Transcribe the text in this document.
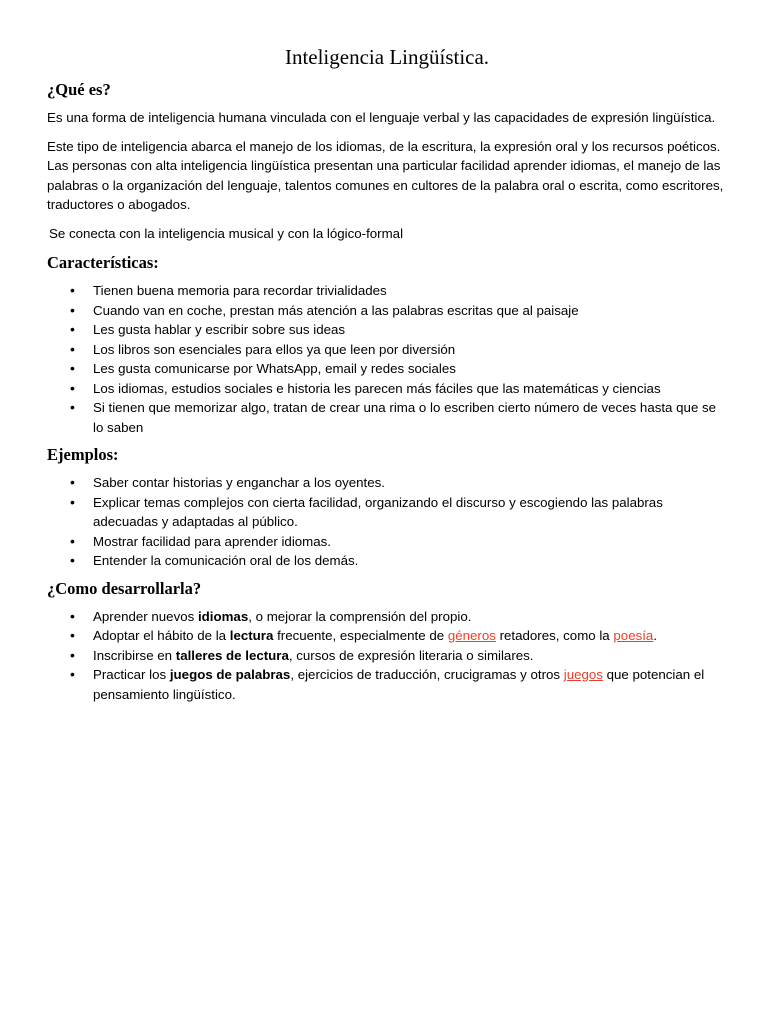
Inteligencia Lingüística.
¿Qué es?

Es una forma de inteligencia humana vinculada con el lenguaje verbal y las capacidades de expresión lingüística.

Este tipo de inteligencia abarca el manejo de los idiomas, de la escritura, la expresión oral y los recursos poéticos. Las personas con alta inteligencia lingüística presentan una particular facilidad aprender idiomas, el manejo de las palabras o la organización del lenguaje, talentos comunes en cultores de la palabra oral o escrita, como escritores, traductores o abogados.

Se conecta con la inteligencia musical y con la lógico-formal

Características:
• Tienen buena memoria para recordar trivialidades
• Cuando van en coche, prestan más atención a las palabras escritas que al paisaje
• Les gusta hablar y escribir sobre sus ideas
• Los libros son esenciales para ellos ya que leen por diversión
• Les gusta comunicarse por WhatsApp, email y redes sociales
• Los idiomas, estudios sociales e historia les parecen más fáciles que las matemáticas y ciencias
• Si tienen que memorizar algo, tratan de crear una rima o lo escriben cierto número de veces hasta que se lo saben
Ejemplos:
• Saber contar historias y enganchar a los oyentes.
• Explicar temas complejos con cierta facilidad, organizando el discurso y escogiendo las palabras adecuadas y adaptadas al público.
• Mostrar facilidad para aprender idiomas.
• Entender la comunicación oral de los demás.
¿Como desarrollarla?
• Aprender nuevos idiomas, o mejorar la comprensión del propio.
• Adoptar el hábito de la lectura frecuente, especialmente de géneros retadores, como la poesía.
• Inscribirse en talleres de lectura, cursos de expresión literaria o similares.
• Practicar los juegos de palabras, ejercicios de traducción, crucigramas y otros juegos que potencian el pensamiento lingüístico.
